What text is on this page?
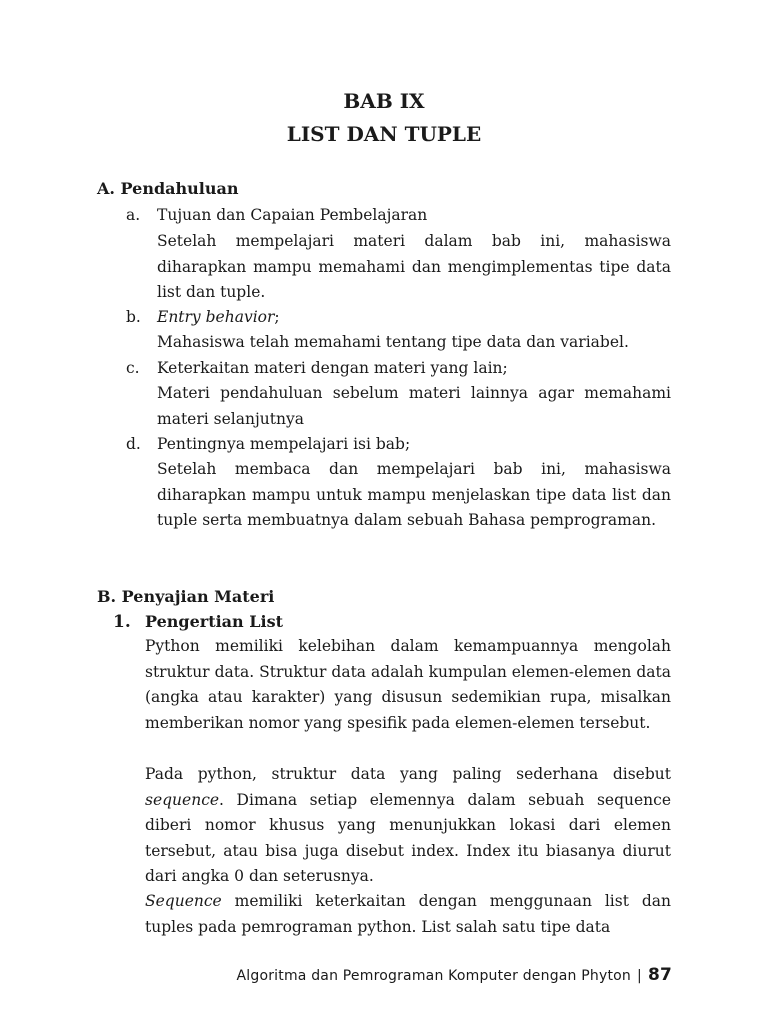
BAB IX
LIST DAN TUPLE
A. Pendahuluan
a. Tujuan dan Capaian Pembelajaran

Setelah mempelajari materi dalam bab ini, mahasiswa diharapkan mampu memahami dan mengimplementas tipe data list dan tuple.

b. Entry behavior;

Mahasiswa telah memahami tentang tipe data dan variabel.

c. Keterkaitan materi dengan materi yang lain;

Materi pendahuluan sebelum materi lainnya agar memahami materi selanjutnya

d. Pentingnya mempelajari isi bab;

Setelah membaca dan mempelajari bab ini, mahasiswa diharapkan mampu untuk mampu menjelaskan tipe data list dan tuple serta membuatnya dalam sebuah Bahasa pemprograman.

B. Penyajian Materi
1. Pengertian List

Python memiliki kelebihan dalam kemampuannya mengolah struktur data. Struktur data adalah kumpulan elemen-elemen data (angka atau karakter) yang disusun sedemikian rupa, misalkan memberikan nomor yang spesifik pada elemen-elemen tersebut.

Pada python, struktur data yang paling sederhana disebut sequence. Dimana setiap elemennya dalam sebuah sequence diberi nomor khusus yang menunjukkan lokasi dari elemen tersebut, atau bisa juga disebut index. Index itu biasanya diurut dari angka 0 dan seterusnya.

Sequence memiliki keterkaitan dengan menggunaan list dan tuples pada pemrograman python. List salah satu tipe data

Algoritma dan Pemrograman Komputer dengan Phyton | 87
